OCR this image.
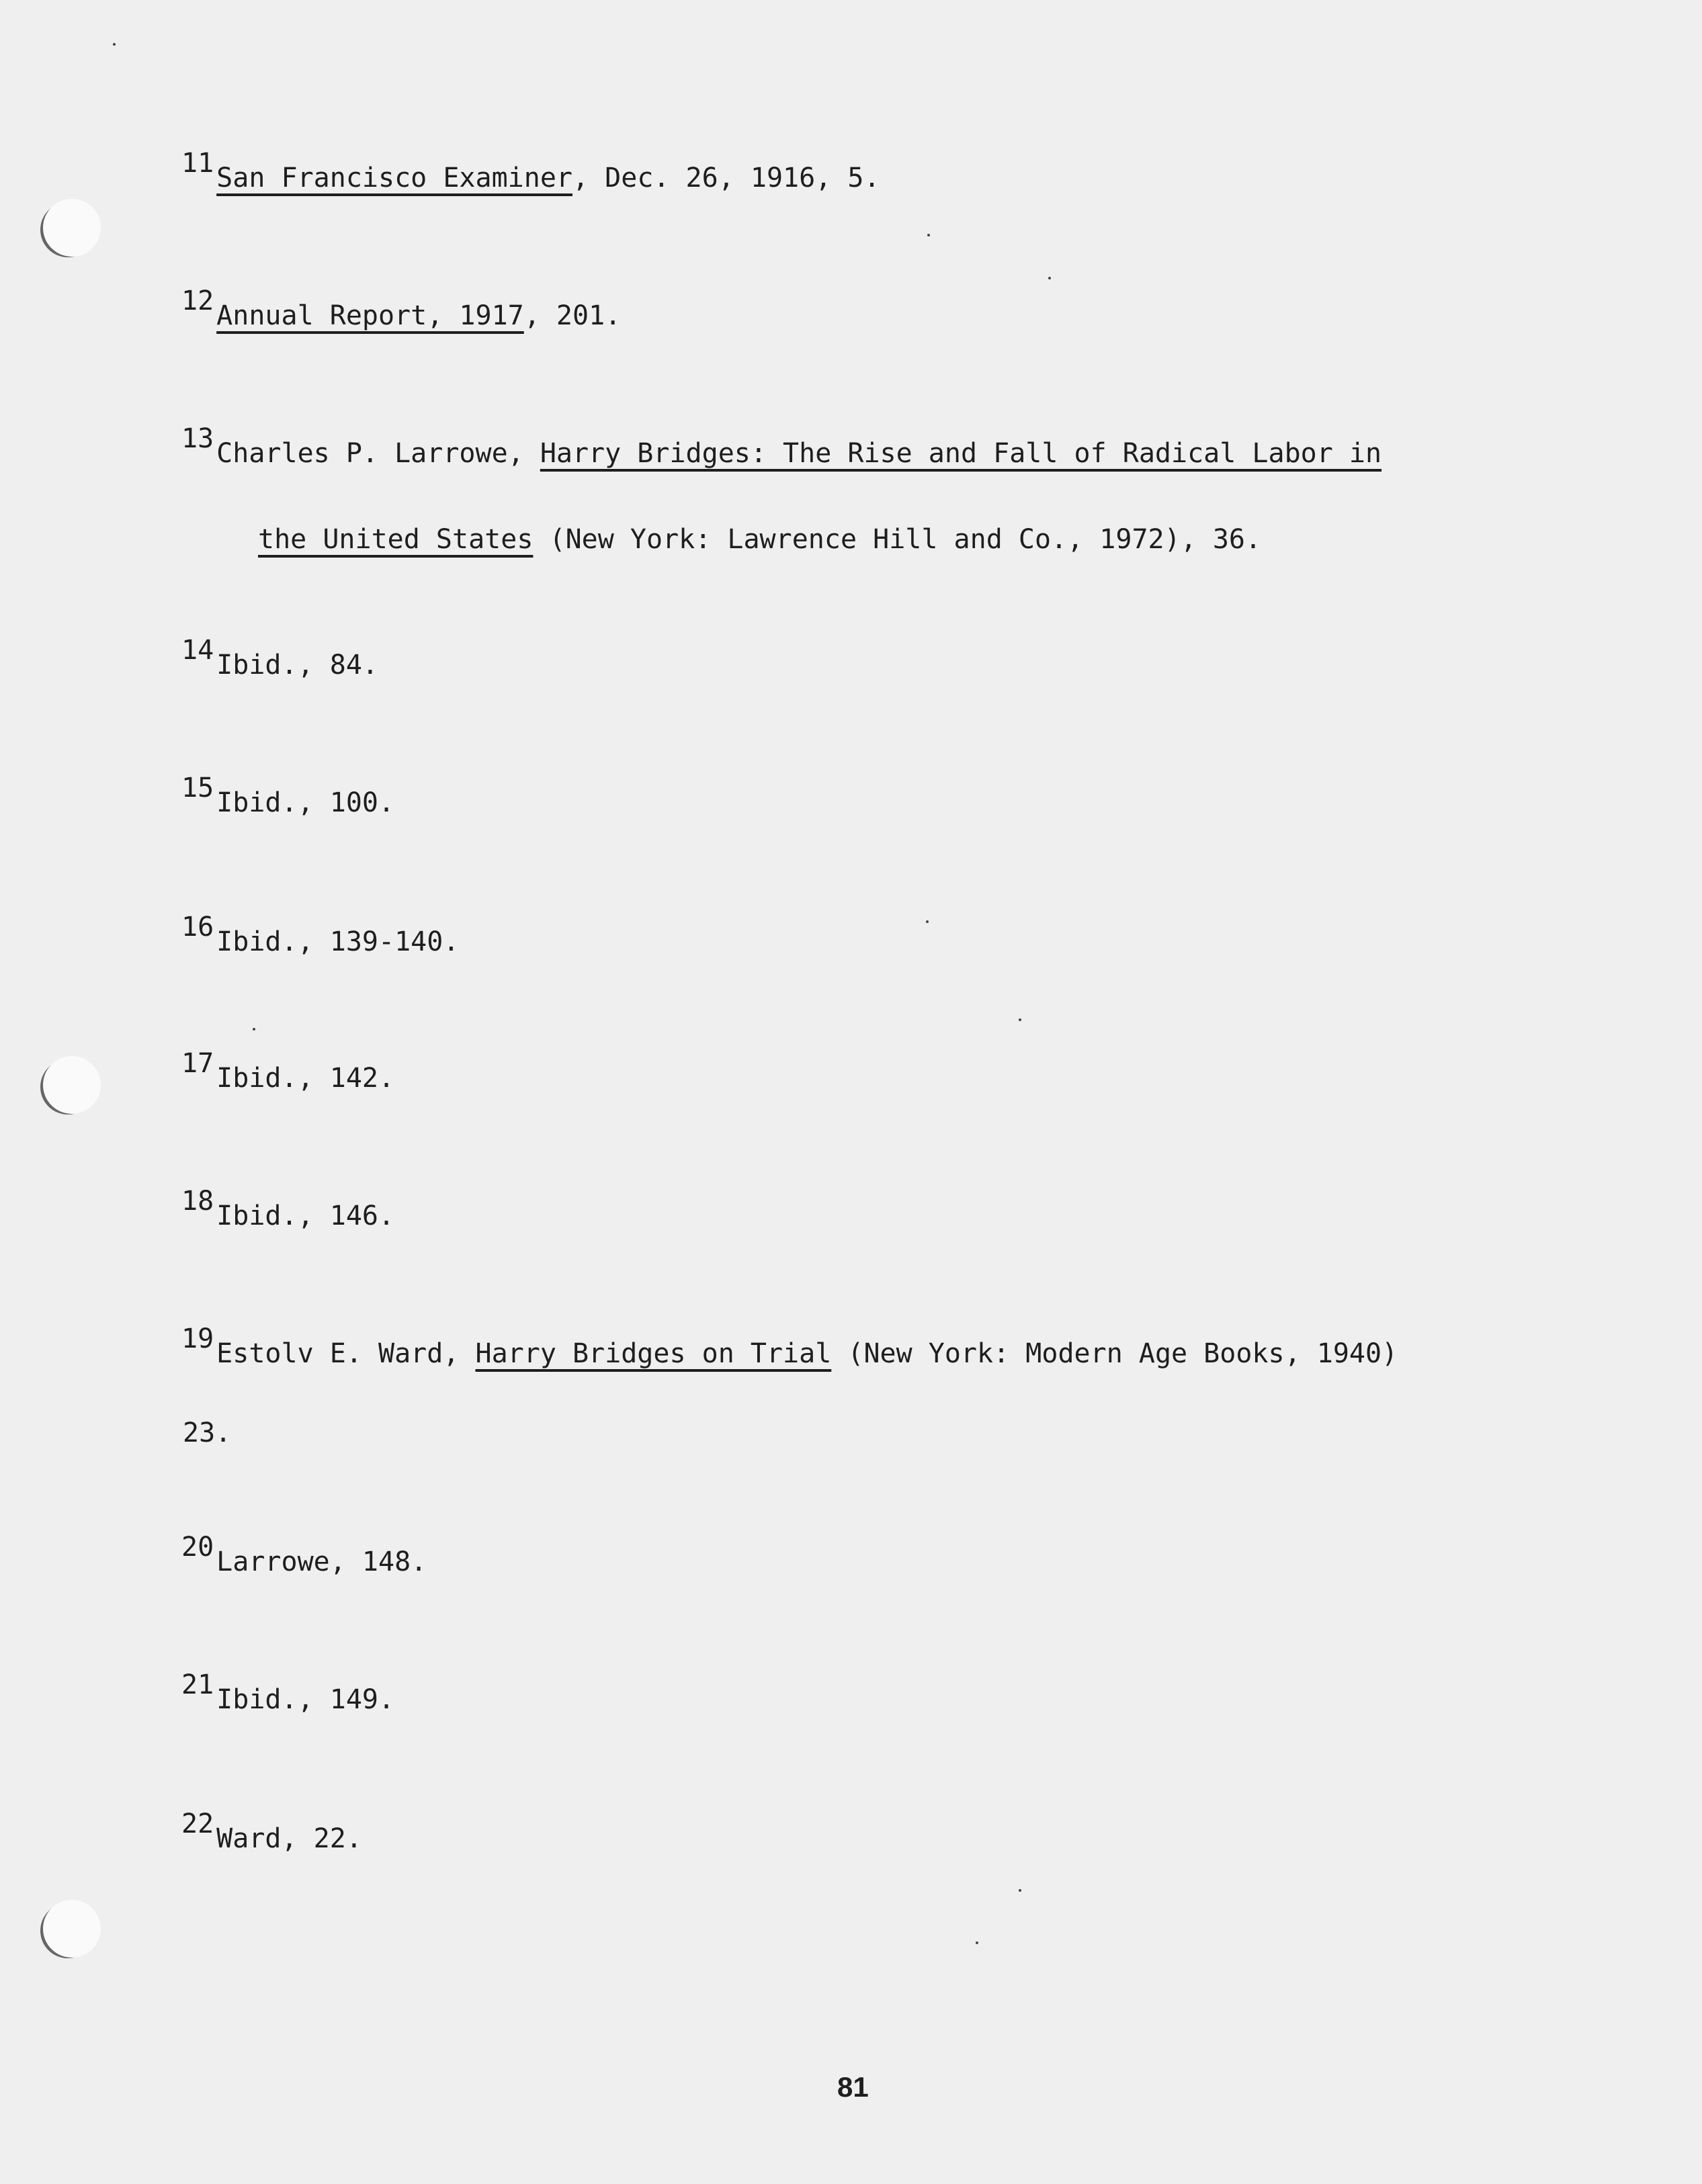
11 San Francisco Examiner, Dec. 26, 1916, 5.
12 Annual Report, 1917, 201.
13 Charles P. Larrowe, Harry Bridges: The Rise and Fall of Radical Labor in
the United States (New York: Lawrence Hill and Co., 1972), 36.
14 Ibid., 84.
15 Ibid., 100.
16 Ibid., 139-140.
17 Ibid., 142.
18 Ibid., 146.
19 Estolv E. Ward, Harry Bridges on Trial (New York: Modern Age Books, 1940)
23.
20 Larrowe, 148.
21 Ibid., 149.
22 Ward, 22.
81
